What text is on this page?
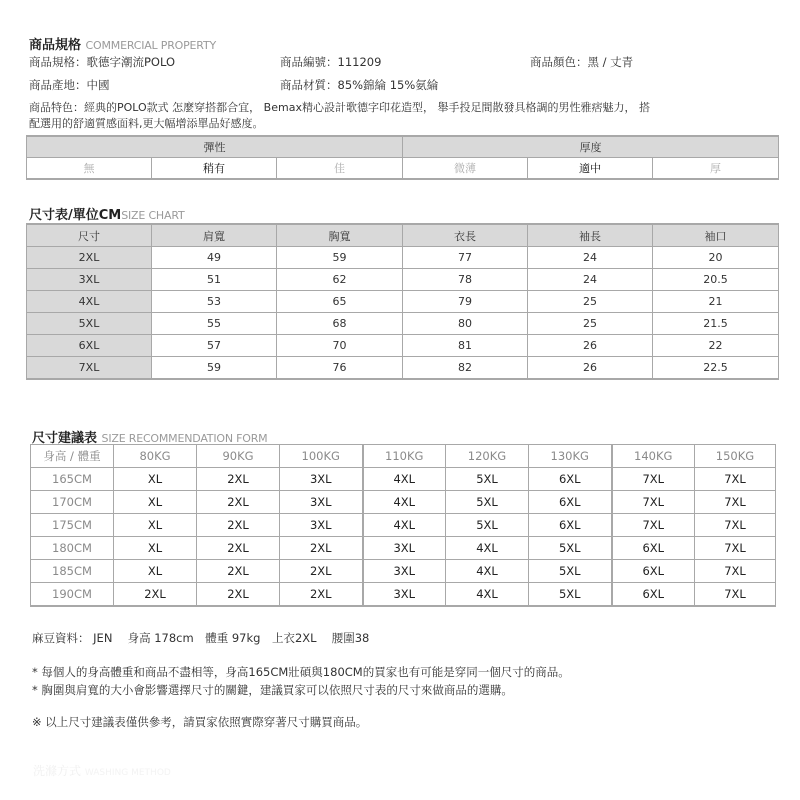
商品規格 COMMERCIAL PROPERTY
商品規格：歌德字潮流POLO	商品編號：111209	商品顏色：黑 / 丈青
商品產地：中國	商品材質：85%錦綸 15%氨綸
商品特色：經典的POLO款式 怎麼穿搭都合宜， Bemax精心設計歌德字印花造型， 舉手投足間散發具格調的男性雅痞魅力， 搭
配選用的舒適質感面料,更大幅增添單品好感度。
彈性			厚度		
無	稍有	佳	微薄	適中	厚
尺寸表/單位CMSIZE CHART
尺寸	肩寬	胸寬	衣長	袖長	袖口
2XL	49	59	77	24	20
3XL	51	62	78	24	20.5
4XL	53	65	79	25	21
5XL	55	68	80	25	21.5
6XL	57	70	81	26	22
7XL	59	76	82	26	22.5
尺寸建議表 SIZE RECOMMENDATION FORM
身高 / 體重	80KG	90KG	100KG	110KG	120KG	130KG	140KG	150KG
165CM	XL	2XL	3XL	4XL	5XL	6XL	7XL	7XL
170CM	XL	2XL	3XL	4XL	5XL	6XL	7XL	7XL
175CM	XL	2XL	3XL	4XL	5XL	6XL	7XL	7XL
180CM	XL	2XL	2XL	3XL	4XL	5XL	6XL	7XL
185CM	XL	2XL	2XL	3XL	4XL	5XL	6XL	7XL
190CM	2XL	2XL	2XL	3XL	4XL	5XL	6XL	7XL
麻豆資料： JEN　 身高 178cm　體重 97kg　上衣2XL　 腰圍38
* 每個人的身高體重和商品不盡相等，身高165CM壯碩與180CM的買家也有可能是穿同一個尺寸的商品。
* 胸圍與肩寬的大小會影響選擇尺寸的關鍵，建議買家可以依照尺寸表的尺寸來做商品的選購。
※ 以上尺寸建議表僅供參考，請買家依照實際穿著尺寸購買商品。
洗滌方式 WASHING METHOD
